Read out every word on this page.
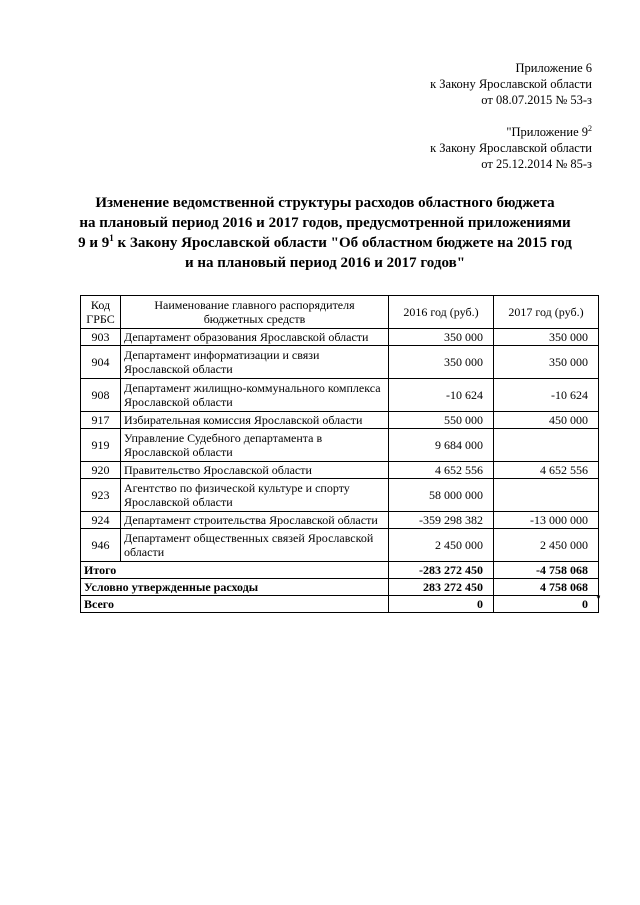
Приложение 6
к Закону Ярославской области
от 08.07.2015 № 53-з
"Приложение $9^2$
к Закону Ярославской области
от 25.12.2014 № 85-з
Изменение ведомственной структуры расходов областного бюджета
на плановый период 2016 и 2017 годов, предусмотренной приложениями
9 и $9^1$ к Закону Ярославской области "Об областном бюджете на 2015 год
и на плановый период 2016 и 2017 годов"
Код ГРБС	Наименование главного распорядителя бюджетных средств	2016 год (руб.)	2017 год (руб.)
903	Департамент образования Ярославской области	350 000	350 000
904	Департамент информатизации и связи Ярославской области	350 000	350 000
908	Департамент жилищно-коммунального комплекса Ярославской области	-10 624	-10 624
917	Избирательная комиссия Ярославской области	550 000	450 000
919	Управление Судебного департамента в Ярославской области	9 684 000	
920	Правительство Ярославской области	4 652 556	4 652 556
923	Агентство по физической культуре и спорту Ярославской области	58 000 000	
924	Департамент строительства Ярославской области	-359 298 382	-13 000 000
946	Департамент общественных связей Ярославской области	2 450 000	2 450 000
Итого		-283 272 450	-4 758 068
Условно утвержденные расходы		283 272 450	4 758 068
Всего		0	0 "
